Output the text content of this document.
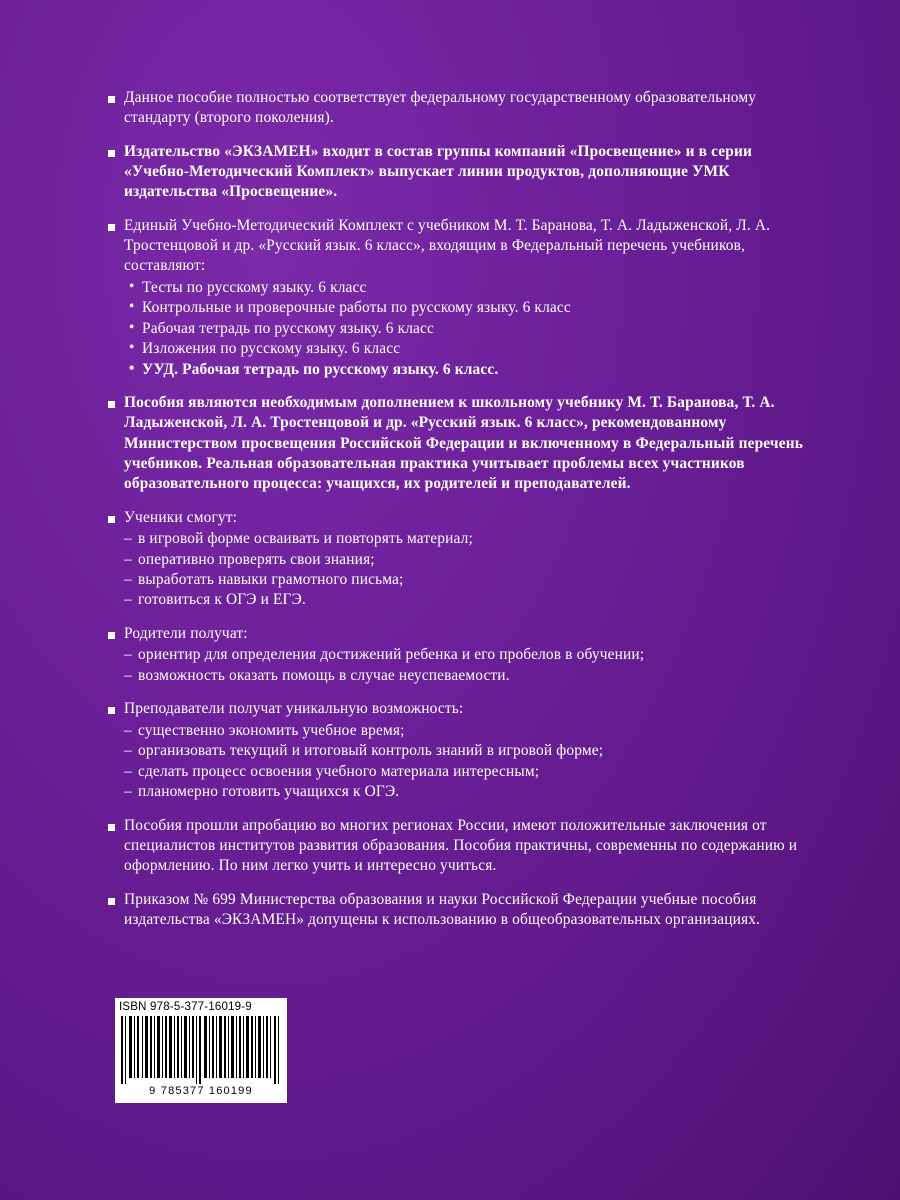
Данное пособие полностью соответствует федеральному государственному образовательному стандарту (второго поколения).
Издательство «ЭКЗАМЕН» входит в состав группы компаний «Просвещение» и в серии «Учебно-Методический Комплект» выпускает линии продуктов, дополняющие УМК издательства «Просвещение».
Единый Учебно-Методический Комплект с учебником М. Т. Баранова, Т. А. Ладыженской, Л. А. Тростенцовой и др. «Русский язык. 6 класс», входящим в Федеральный перечень учебников, составляют:
• Тесты по русскому языку. 6 класс
• Контрольные и проверочные работы по русскому языку. 6 класс
• Рабочая тетрадь по русскому языку. 6 класс
• Изложения по русскому языку. 6 класс
• УУД. Рабочая тетрадь по русскому языку. 6 класс.
Пособия являются необходимым дополнением к школьному учебнику М. Т. Баранова, Т. А. Ладыженской, Л. А. Тростенцовой и др. «Русский язык. 6 класс», рекомендованному Министерством просвещения Российской Федерации и включенному в Федеральный перечень учебников. Реальная образовательная практика учитывает проблемы всех участников образовательного процесса: учащихся, их родителей и преподавателей.
Ученики смогут:
– в игровой форме осваивать и повторять материал;
– оперативно проверять свои знания;
– выработать навыки грамотного письма;
– готовиться к ОГЭ и ЕГЭ.
Родители получат:
– ориентир для определения достижений ребенка и его пробелов в обучении;
– возможность оказать помощь в случае неуспеваемости.
Преподаватели получат уникальную возможность:
– существенно экономить учебное время;
– организовать текущий и итоговый контроль знаний в игровой форме;
– сделать процесс освоения учебного материала интересным;
– планомерно готовить учащихся к ОГЭ.
Пособия прошли апробацию во многих регионах России, имеют положительные заключения от специалистов институтов развития образования. Пособия практичны, современны по содержанию и оформлению. По ним легко учить и интересно учиться.
Приказом № 699 Министерства образования и науки Российской Федерации учебные пособия издательства «ЭКЗАМЕН» допущены к использованию в общеобразовательных организациях.
ISBN 978-5-377-16019-9
9 785377 160199
